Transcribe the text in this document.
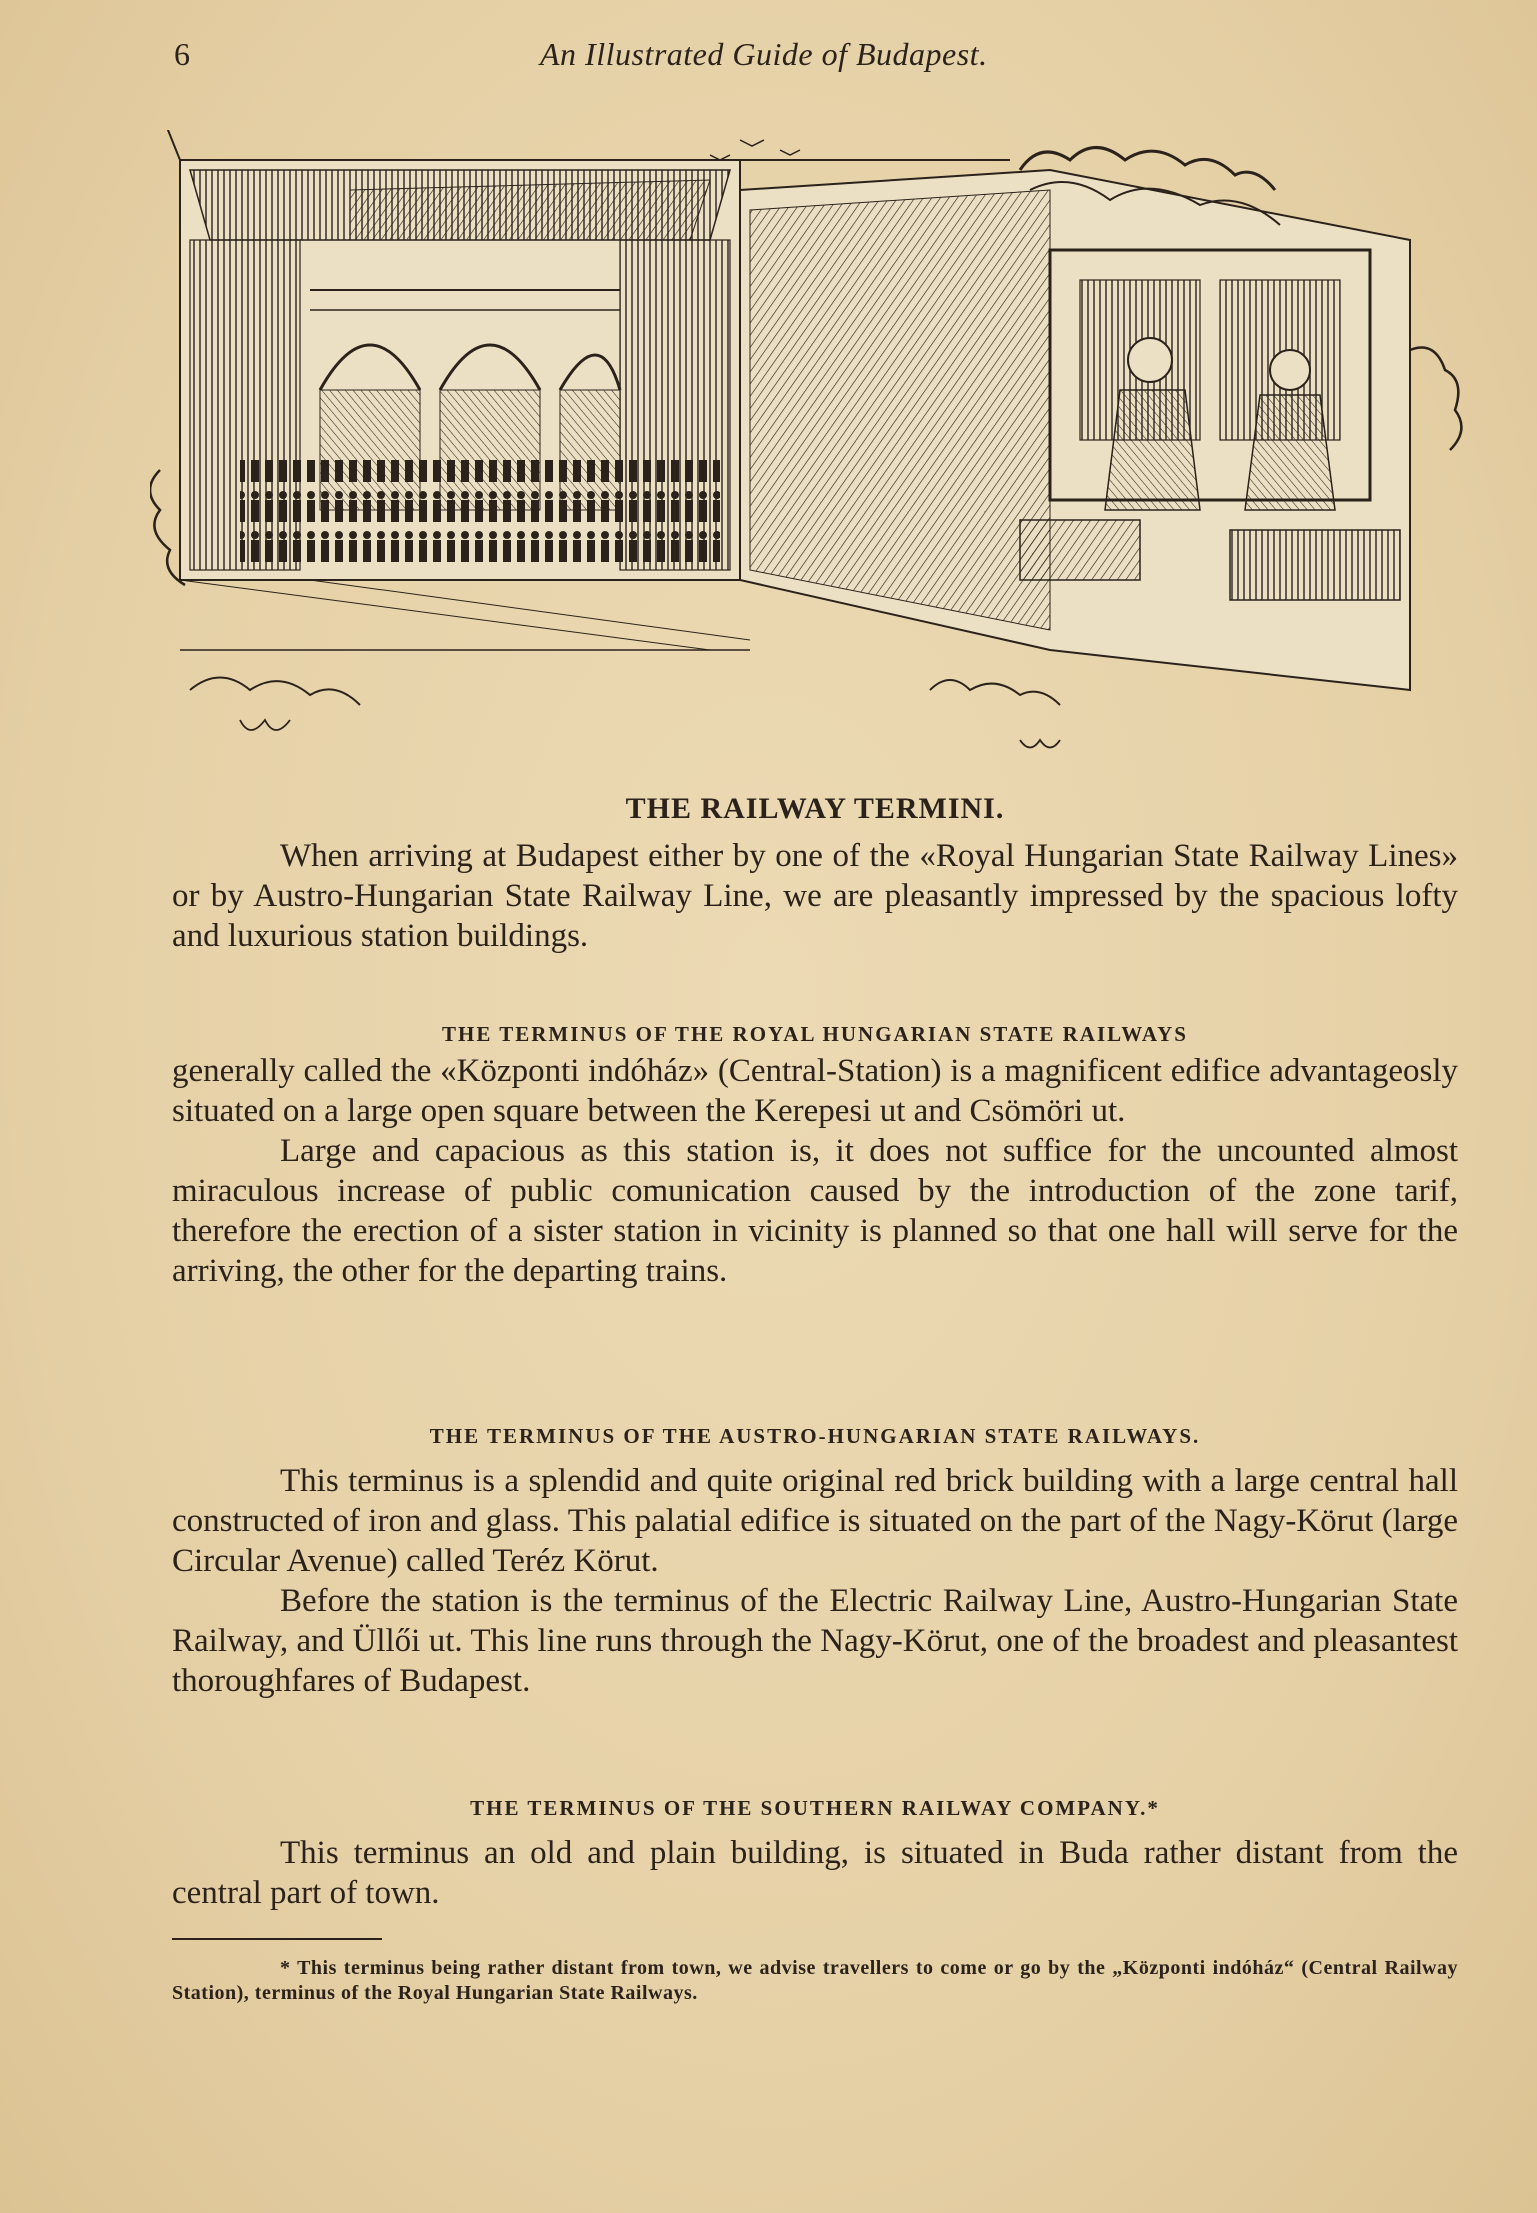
6	An Illustrated Guide of Budapest.
THE RAILWAY TERMINI.

When arriving at Budapest either by one of the «Royal Hungarian State Railway Lines» or by Austro-Hungarian State Railway Line, we are pleasantly impressed by the spacious lofty and luxurious station buildings.

THE TERMINUS OF THE ROYAL HUNGARIAN STATE RAILWAYS

generally called the «Központi indóház» (Central-Station) is a magnificent edifice advantageosly situated on a large open square between the Kerepesi ut and Csömöri ut.

Large and capacious as this station is, it does not suffice for the uncounted almost miraculous increase of public comunication caused by the introduction of the zone tarif, therefore the erection of a sister station in vicinity is planned so that one hall will serve for the arriving, the other for the departing trains.

THE TERMINUS OF THE AUSTRO-HUNGARIAN STATE RAILWAYS.

This terminus is a splendid and quite original red brick building with a large central hall constructed of iron and glass. This palatial edifice is situated on the part of the Nagy-Körut (large Circular Avenue) called Teréz Körut.

Before the station is the terminus of the Electric Railway Line, Austro-Hungarian State Railway, and Üllői ut. This line runs through the Nagy-Körut, one of the broadest and pleasantest thoroughfares of Budapest.

THE TERMINUS OF THE SOUTHERN RAILWAY COMPANY.*

This terminus an old and plain building, is situated in Buda rather distant from the central part of town.

* This terminus being rather distant from town, we advise travellers to come or go by the „Központi indóház“ (Central Railway Station), terminus of the Royal Hungarian State Railways.
